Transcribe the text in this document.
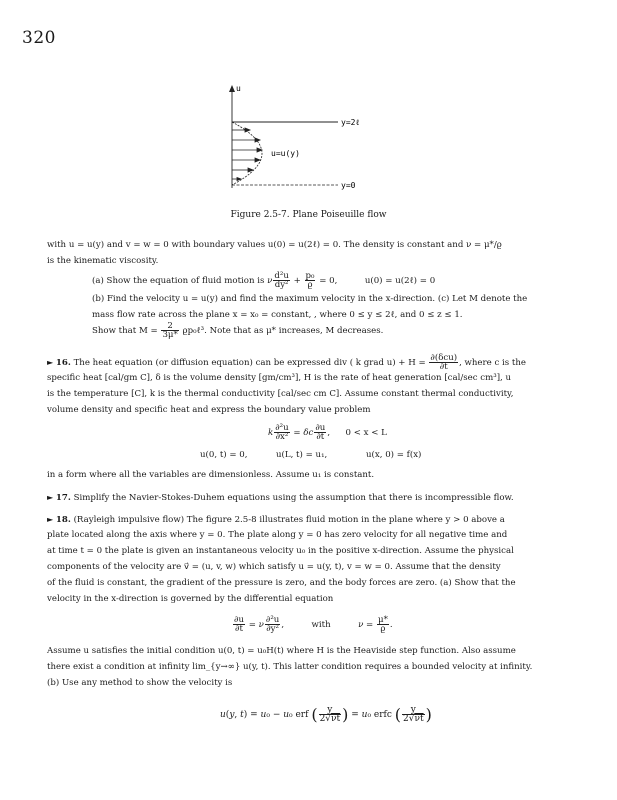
320
u
y=2ℓ
u=u(y)
y=0
Figure 2.5-7. Plane Poiseuille flow
with u = u(y) and v = w = 0 with boundary values u(0) = u(2ℓ) = 0. The density is constant and ν = μ*/ϱ
is the kinematic viscosity.
(a) Show the equation of fluid motion is ν $\frac{\text{d²u}}{\text{dy²}} + \frac{\text{p₀}}{ϱ} = 0$,	u(0) = u(2ℓ) = 0
(b) Find the velocity u = u(y) and find the maximum velocity in the x-direction. (c) Let M denote the
mass flow rate across the plane x = x₀ = constant, , where 0 ≤ y ≤ 2ℓ, and 0 ≤ z ≤ 1.
Show that $M = \frac{2}{3\mu*}$ ϱp₀ℓ³. Note that as μ* increases, M decreases.
► 16. The heat equation (or diffusion equation) can be expressed div ( k grad $u) + H = \frac{\text{∂(δcu)}}{\partial t}$ , where c is the
specific heat [cal/gm C], δ is the volume density [gm/cm³], H is the rate of heat generation [cal/sec cm³], u
is the temperature [C], k is the thermal conductivity [cal/sec cm C]. Assume constant thermal conductivity,
volume density and specific heat and express the boundary value problem
k $\frac{\text{∂²u}}{\text{∂x²}} = \delta c \frac{\partial u}{\partial t}$ ,  0 < x < L
u(0, t) = 0,	u(L, t) = u₁,	u(x, 0) = f(x)
in a form where all the variables are dimensionless. Assume u₁ is constant.
► 17. Simplify the Navier-Stokes-Duhem equations using the assumption that there is incompressible flow.
► 18. (Rayleigh impulsive flow) The figure 2.5-8 illustrates fluid motion in the plane where y > 0 above a
plate located along the axis where y = 0. The plate along y = 0 has zero velocity for all negative time and
at time t = 0 the plate is given an instantaneous velocity u₀ in the positive x-direction. Assume the physical
components of the velocity are v⃗ = (u, v, w) which satisfy u = u(y, t), v = w = 0. Assume that the density
of the fluid is constant, the gradient of the pressure is zero, and the body forces are zero. (a) Show that the
velocity in the x-direction is governed by the differential equation
$\frac{\partial u}{\partial t} = \nu \frac{\text{∂²u}}{\text{∂y²}}$ ,	with	$\nu = \frac{\mu*}{ϱ}$ .
Assume u satisfies the initial condition u(0, t) = u₀H(t) where H is the Heaviside step function. Also assume
there exist a condition at infinity lim_{y→∞} u(y, t). This latter condition requires a bounded velocity at infinity.
(b) Use any method to show the velocity is
u(y, t) = u₀ − u₀ erf ( $\frac{y}{2√\nu t}$ ) = u₀ erfc ( $\frac{y}{2√\nu t}$ )
